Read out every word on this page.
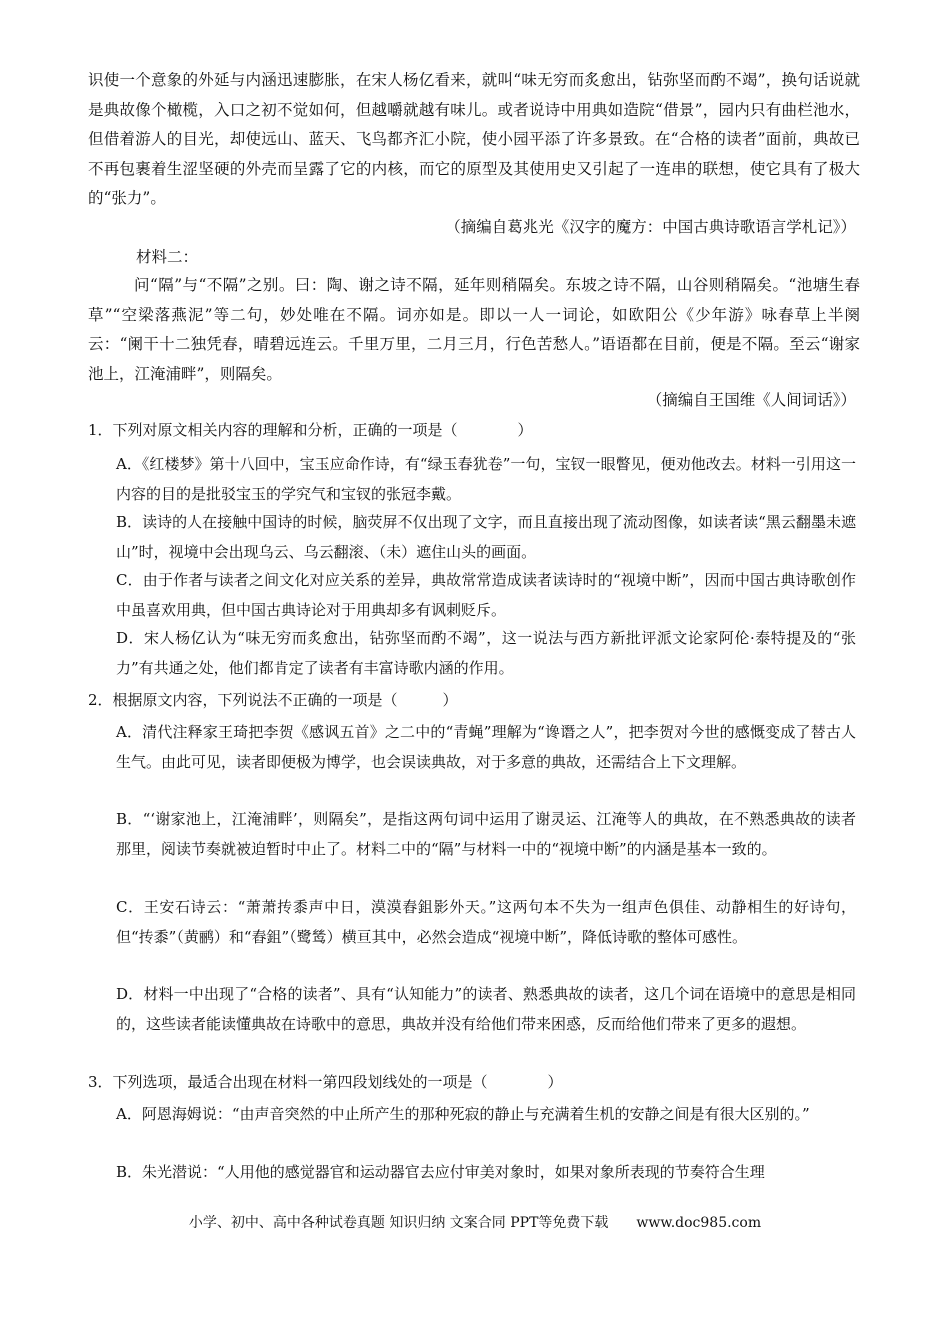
识使一个意象的外延与内涵迅速膨胀，在宋人杨亿看来，就叫“味无穷而炙愈出，钻弥坚而酌不竭”，换句话说就是典故像个橄榄，入口之初不觉如何，但越嚼就越有味儿。或者说诗中用典如造院“借景”，园内只有曲栏池水，但借着游人的目光，却使远山、蓝天、飞鸟都齐汇小院，使小园平添了许多景致。在“合格的读者”面前，典故已不再包裹着生涩坚硬的外壳而呈露了它的内核，而它的原型及其使用史又引起了一连串的联想，使它具有了极大的“张力”。

（摘编自葛兆光《汉字的魔方：中国古典诗歌语言学札记》）

材料二：

问“隔”与“不隔”之别。曰：陶、谢之诗不隔，延年则稍隔矣。东坡之诗不隔，山谷则稍隔矣。“池塘生春草”“空梁落燕泥”等二句，妙处唯在不隔。词亦如是。即以一人一词论，如欧阳公《少年游》咏春草上半阕云：“阑干十二独凭春，晴碧远连云。千里万里，二月三月，行色苦愁人。”语语都在目前，便是不隔。至云“谢家池上，江淹浦畔”，则隔矣。

（摘编自王国维《人间词话》）

1．下列对原文相关内容的理解和分析，正确的一项是（　　　　）

A．《红楼梦》第十八回中，宝玉应命作诗，有“绿玉春犹卷”一句，宝钗一眼瞥见，便劝他改去。材料一引用这一内容的目的是批驳宝玉的学究气和宝钗的张冠李戴。

B．读诗的人在接触中国诗的时候，脑荧屏不仅出现了文字，而且直接出现了流动图像，如读者读“黑云翻墨未遮山”时，视境中会出现乌云、乌云翻滚、（未）遮住山头的画面。

C．由于作者与读者之间文化对应关系的差异，典故常常造成读者读诗时的“视境中断”，因而中国古典诗歌创作中虽喜欢用典，但中国古典诗论对于用典却多有讽刺贬斥。

D．宋人杨亿认为“味无穷而炙愈出，钻弥坚而酌不竭”，这一说法与西方新批评派文论家阿伦·泰特提及的“张力”有共通之处，他们都肯定了读者有丰富诗歌内涵的作用。

2．根据原文内容，下列说法不正确的一项是（　　　）

A．清代注释家王琦把李贺《感讽五首》之二中的“青蝇”理解为“谗谮之人”，把李贺对今世的感慨变成了替古人生气。由此可见，读者即便极为博学，也会误读典故，对于多意的典故，还需结合上下文理解。

B．“‘谢家池上，江淹浦畔’，则隔矣”，是指这两句词中运用了谢灵运、江淹等人的典故，在不熟悉典故的读者那里，阅读节奏就被迫暂时中止了。材料二中的“隔”与材料一中的“视境中断”的内涵是基本一致的。

C．王安石诗云：“萧萧抟黍声中日，漠漠舂鉏影外天。”这两句本不失为一组声色俱佳、动静相生的好诗句，但“抟黍”（黄鹂）和“舂鉏”（鹭鸶）横亘其中，必然会造成“视境中断”，降低诗歌的整体可感性。

D．材料一中出现了“合格的读者”、具有“认知能力”的读者、熟悉典故的读者，这几个词在语境中的意思是相同的，这些读者能读懂典故在诗歌中的意思，典故并没有给他们带来困惑，反而给他们带来了更多的遐想。

3．下列选项，最适合出现在材料一第四段划线处的一项是（　　　　）

A．阿恩海姆说：“由声音突然的中止所产生的那种死寂的静止与充满着生机的安静之间是有很大区别的。”

B．朱光潜说：“人用他的感觉器官和运动器官去应付审美对象时，如果对象所表现的节奏符合生理

小学、初中、高中各种试卷真题 知识归纳 文案合同 PPT等免费下载　　www.doc985.com
